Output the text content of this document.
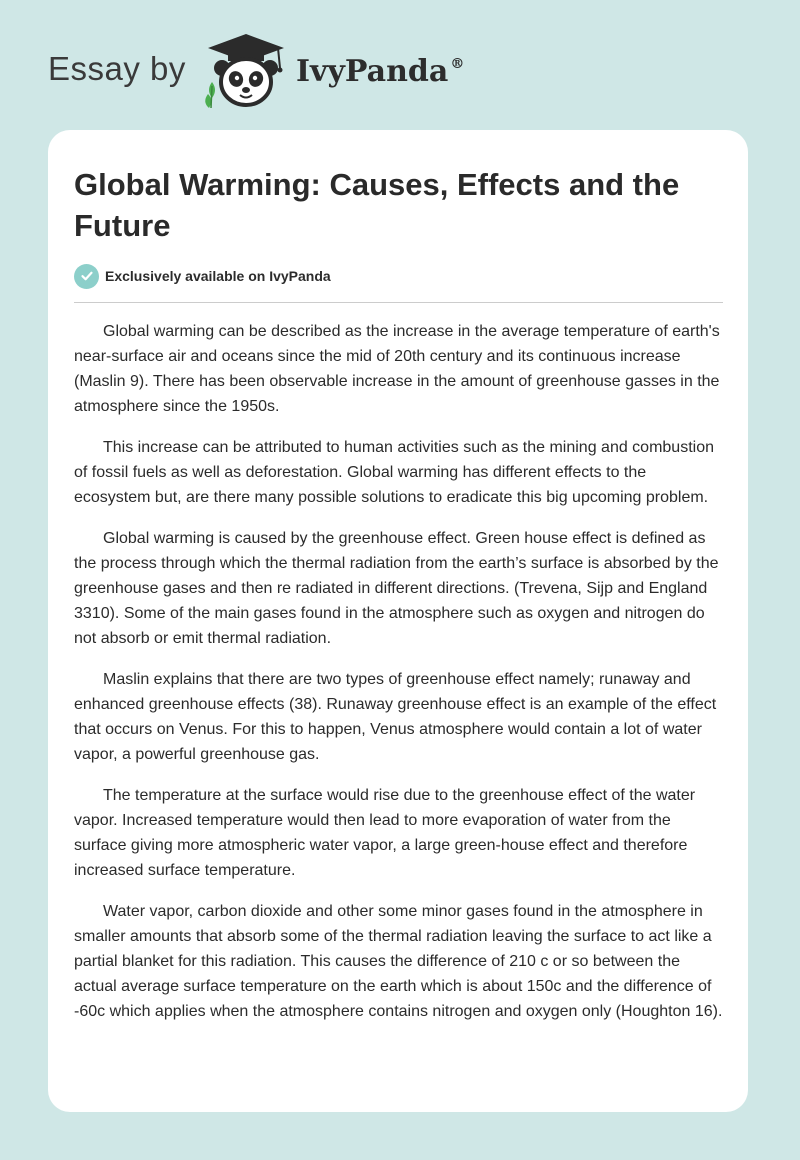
Essay by	IvyPanda ®
Global Warming: Causes, Effects and the Future
Exclusively available on IvyPanda

Global warming can be described as the increase in the average temperature of earth's near-surface air and oceans since the mid of 20th century and its continuous increase (Maslin 9). There has been observable increase in the amount of greenhouse gasses in the atmosphere since the 1950s.

This increase can be attributed to human activities such as the mining and combustion of fossil fuels as well as deforestation. Global warming has different effects to the ecosystem but, are there many possible solutions to eradicate this big upcoming problem.

Global warming is caused by the greenhouse effect. Green house effect is defined as the process through which the thermal radiation from the earth’s surface is absorbed by the greenhouse gases and then re radiated in different directions. (Trevena, Sijp and England 3310). Some of the main gases found in the atmosphere such as oxygen and nitrogen do not absorb or emit thermal radiation.

Maslin explains that there are two types of greenhouse effect namely; runaway and enhanced greenhouse effects (38). Runaway greenhouse effect is an example of the effect that occurs on Venus. For this to happen, Venus atmosphere would contain a lot of water vapor, a powerful greenhouse gas.

The temperature at the surface would rise due to the greenhouse effect of the water vapor. Increased temperature would then lead to more evaporation of water from the surface giving more atmospheric water vapor, a large green-house effect and therefore increased surface temperature.

Water vapor, carbon dioxide and other some minor gases found in the atmosphere in smaller amounts that absorb some of the thermal radiation leaving the surface to act like a partial blanket for this radiation. This causes the difference of 210 c or so between the actual average surface temperature on the earth which is about 150c and the difference of -60c which applies when the atmosphere contains nitrogen and oxygen only (Houghton 16).
